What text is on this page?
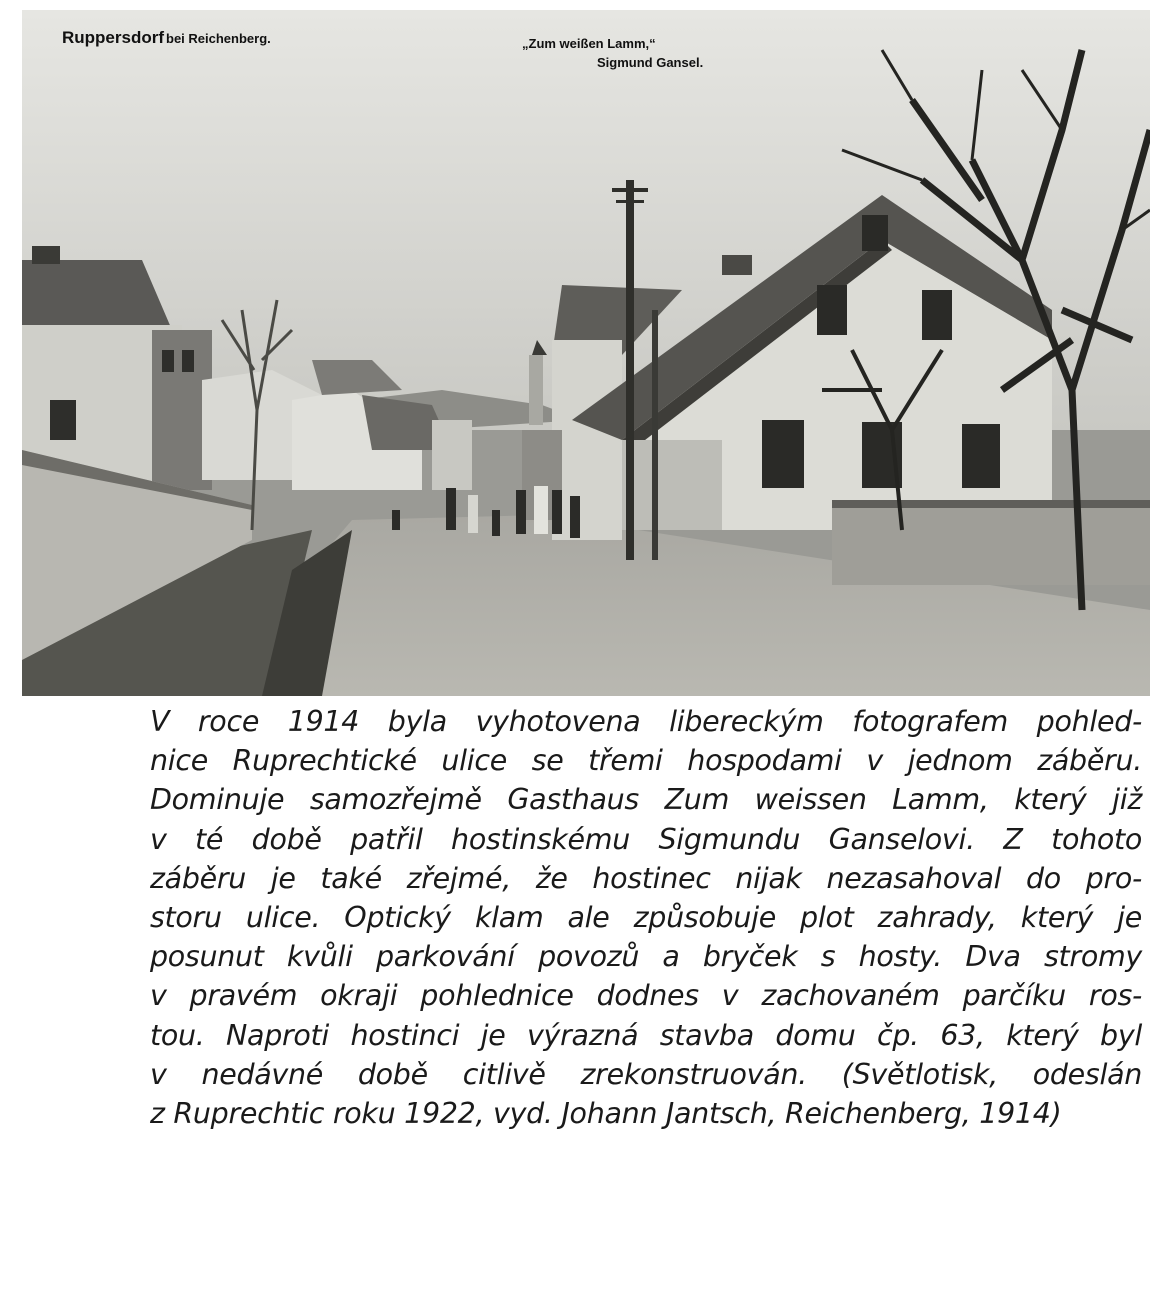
Ruppersdorf bei Reichenberg.	„Zum weißen Lamm,“
Sigmund Gansel.
V roce 1914 byla vyhotovena libereckým fotografem pohled-
nice Ruprechtické ulice se třemi hospodami v jednom záběru.
Dominuje samozřejmě Gasthaus Zum weissen Lamm, který již
v té době patřil hostinskému Sigmundu Ganselovi. Z tohoto
záběru je také zřejmé, že hostinec nijak nezasahoval do pro-
storu ulice. Optický klam ale způsobuje plot zahrady, který je
posunut kvůli parkování povozů a bryček s hosty. Dva stromy
v pravém okraji pohlednice dodnes v zachovaném parčíku ros-
tou. Naproti hostinci je výrazná stavba domu čp. 63, který byl
v nedávné době citlivě zrekonstruován. (Světlotisk, odeslán
z Ruprechtic roku 1922, vyd. Johann Jantsch, Reichenberg, 1914)
